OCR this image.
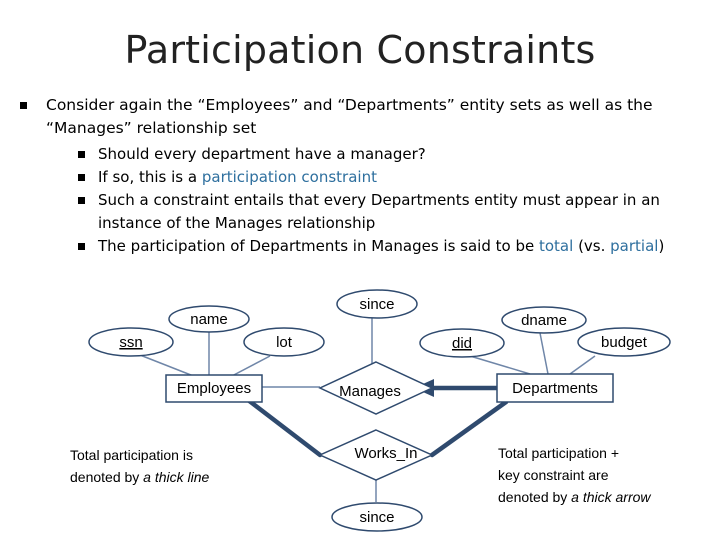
Participation Constraints
Consider again the “Employees” and “Departments” entity sets as well as the
“Manages” relationship set
Should every department have a manager?
If so, this is a participation constraint
Such a constraint entails that every Departments entity must appear in an
instance of the Manages relationship
The participation of Departments in Manages is said to be total (vs. partial)
name
ssn	lot
since
did
dname
budget
Employees	Departments
Manages
Works_In
since
Total participation is
denoted by a thick line
Total participation +
key constraint are
denoted by a thick arrow
